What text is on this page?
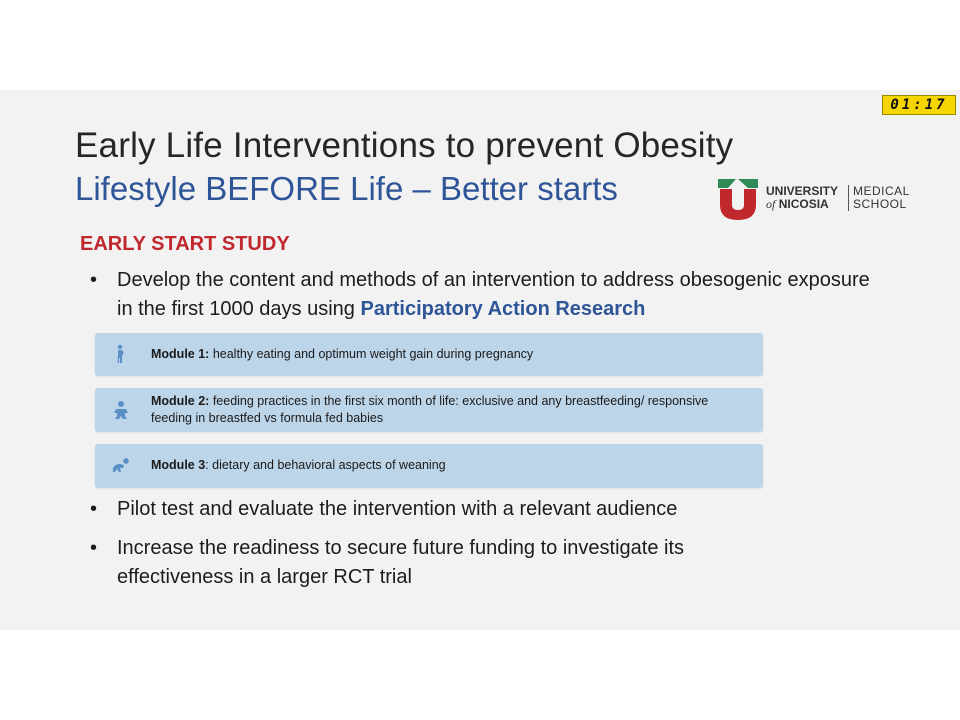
01:17
Early Life Interventions to prevent Obesity
Lifestyle BEFORE Life – Better starts	UNIVERSITY
of NICOSIA
MEDICAL
SCHOOL
EARLY START STUDY
• Develop the content and methods of an intervention to address obesogenic exposure in the first 1000 days using Participatory Action Research
Module 1: healthy eating and optimum weight gain during pregnancy
Module 2: feeding practices in the first six month of life: exclusive and any breastfeeding/ responsive feeding in breastfed vs formula fed babies
Module 3: dietary and behavioral aspects of weaning
• Pilot test and evaluate the intervention with a relevant audience
• Increase the readiness to secure future funding to investigate its effectiveness in a larger RCT trial
